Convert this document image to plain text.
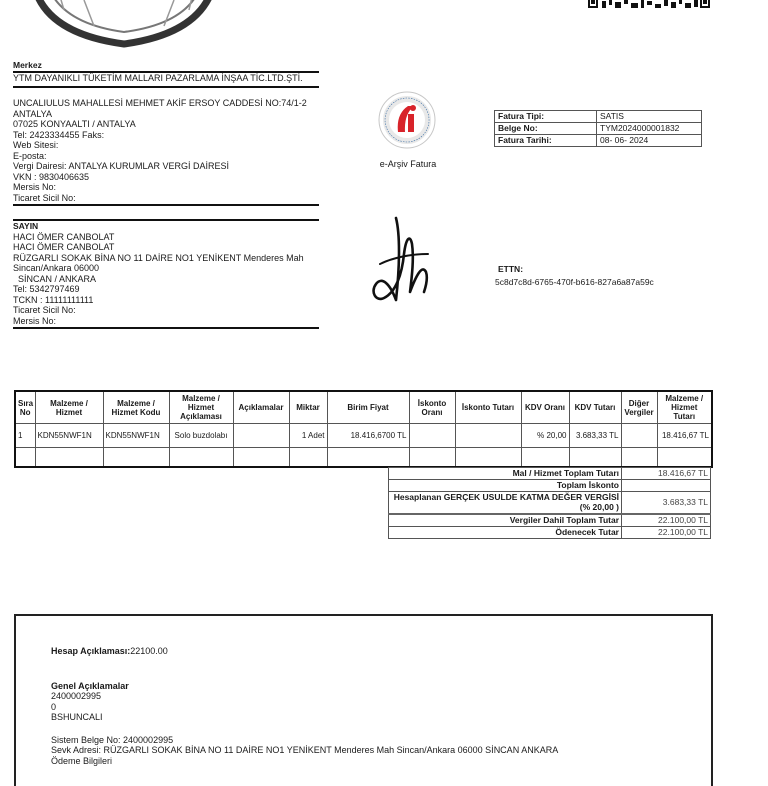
Merkez
YTM DAYANIKLI TÜKETİM MALLARI PAZARLAMA İNŞAA TİC.LTD.ŞTİ.
UNCALIULUS MAHALLESİ MEHMET AKİF ERSOY CADDESİ NO:74/1-2
ANTALYA
07025 KONYAALTI / ANTALYA
Tel: 2423334455 Faks:
Web Sitesi:
E-posta:
Vergi Dairesi: ANTALYA KURUMLAR VERGİ DAİRESİ
VKN : 9830406635
Mersis No:
Ticaret Sicil No:
e-Arşiv Fatura
Fatura Tipi:	SATIS
Belge No:	TYM2024000001832
Fatura Tarihi:	08- 06- 2024
SAYIN
HACI ÖMER CANBOLAT
HACI ÖMER CANBOLAT
RÜZGARLI SOKAK BİNA NO 11 DAİRE NO1 YENİKENT Menderes Mah
Sincan/Ankara 06000
SİNCAN / ANKARA
Tel: 5342797469
TCKN : 11111111111
Ticaret Sicil No:
Mersis No:
ETTN:
5c8d7c8d-6765-470f-b616-827a6a87a59c
Sıra No	Malzeme / Hizmet	Malzeme / Hizmet Kodu	Malzeme / Hizmet Açıklaması	Açıklamalar	Miktar	Birim Fiyat	İskonto Oranı	İskonto Tutarı	KDV Oranı	KDV Tutarı	Diğer Vergiler	Malzeme / Hizmet Tutarı
1	KDN55NWF1N	KDN55NWF1N	Solo buzdolabı		1 Adet	18.416,6700 TL			% 20,00	3.683,33 TL		18.416,67 TL

Mal / Hizmet Toplam Tutarı	18.416,67 TL
Toplam İskonto	
Hesaplanan GERÇEK USULDE KATMA DEĞER VERGİSİ (% 20,00 )	3.683,33 TL
Vergiler Dahil Toplam Tutar	22.100,00 TL
Ödenecek Tutar	22.100,00 TL
Hesap Açıklaması:22100.00
Genel Açıklamalar
2400002995
0
BSHUNCALI
Sistem Belge No: 2400002995
Sevk Adresi: RÜZGARLI SOKAK BİNA NO 11 DAİRE NO1 YENİKENT Menderes Mah Sincan/Ankara 06000 SİNCAN ANKARA
Ödeme Bilgileri
